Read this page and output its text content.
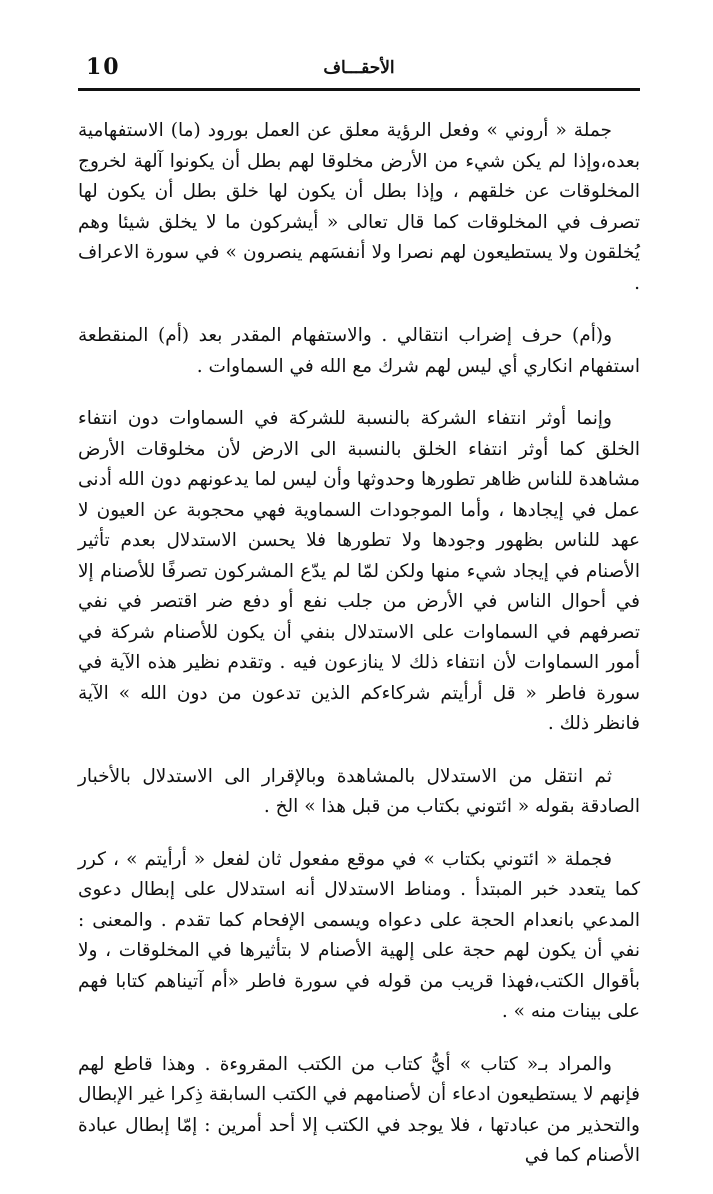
10	الأحقـــاف

جملة « أروني » وفعل الرؤية معلق عن العمل بورود (ما) الاستفهامية بعده،وإذا لم يكن شيء من الأرض مخلوقا لهم بطل أن يكونوا آلهة لخروج المخلوقات عن خلقهم ، وإذا بطل أن يكون لها خلق بطل أن يكون لها تصرف في المخلوقات كما قال تعالى « أيشركون ما لا يخلق شيئا وهم يُخلقون ولا يستطيعون لهم نصرا ولا أنفسَهم ينصرون » في سورة الاعراف .

و(أم) حرف إضراب انتقالي . والاستفهام المقدر بعد (أم) المنقطعة استفهام انكاري أي ليس لهم شرك مع الله في السماوات .

وإنما أوثر انتفاء الشركة بالنسبة للشركة في السماوات دون انتفاء الخلق كما أوثر انتفاء الخلق بالنسبة الى الارض لأن مخلوقات الأرض مشاهدة للناس ظاهر تطورها وحدوثها وأن ليس لما يدعونهم دون الله أدنى عمل في إيجادها ، وأما الموجودات السماوية فهي محجوبة عن العيون لا عهد للناس بظهور وجودها ولا تطورها فلا يحسن الاستدلال بعدم تأثير الأصنام في إيجاد شيء منها ولكن لمّا لم يدّع المشركون تصرفًا للأصنام إلا في أحوال الناس في الأرض من جلب نفع أو دفع ضر اقتصر في نفي تصرفهم في السماوات على الاستدلال بنفي أن يكون للأصنام شركة في أمور السماوات لأن انتفاء ذلك لا ينازعون فيه . وتقدم نظير هذه الآية في سورة فاطر « قل أرأيتم شركاءكم الذين تدعون من دون الله » الآية فانظر ذلك .

ثم انتقل من الاستدلال بالمشاهدة وبالإقرار الى الاستدلال بالأخبار الصادقة بقوله « ائتوني بكتاب من قبل هذا » الخ .

فجملة « ائتوني بكتاب » في موقع مفعول ثان لفعل « أرأيتم » ، كرر كما يتعدد خبر المبتدأ . ومناط الاستدلال أنه استدلال على إبطال دعوى المدعي بانعدام الحجة على دعواه ويسمى الإفحام كما تقدم . والمعنى : نفي أن يكون لهم حجة على إلهية الأصنام لا بتأثيرها في المخلوقات ، ولا بأقوال الكتب،فهذا قريب من قوله في سورة فاطر «أم آتيناهم كتابا فهم على بينات منه » .

والمراد بـ« كتاب » أيُّ كتاب من الكتب المقروءة . وهذا قاطع لهم فإنهم لا يستطيعون ادعاء أن لأصنامهم في الكتب السابقة ذِكرا غير الإبطال والتحذير من عبادتها ، فلا يوجد في الكتب إلا أحد أمرين : إمّا إبطال عبادة الأصنام كما في
